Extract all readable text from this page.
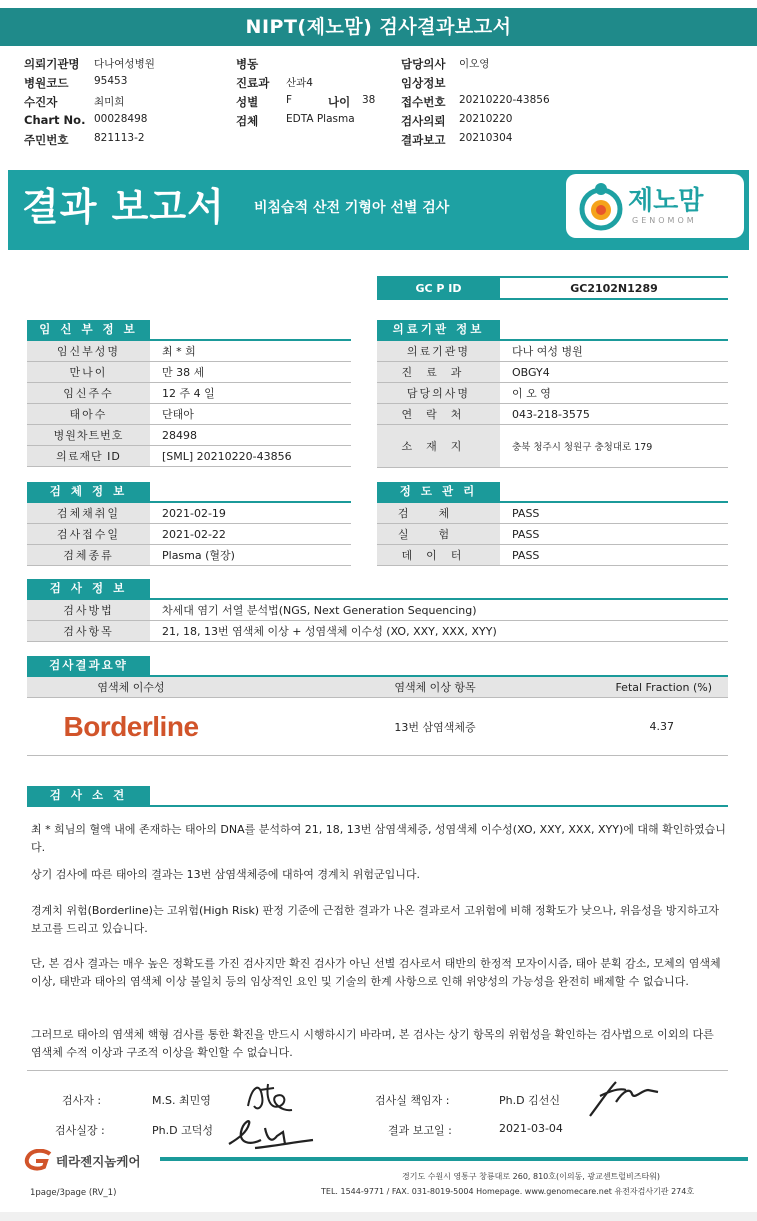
NIPT(제노맘) 검사결과보고서
의뢰기관명	다나여성병원
병원코드	95453
수진자	최미희
Chart No. 00028498
주민번호	821113-2
병동
진료과	산과4
성별	F	나이	38
검체	EDTA Plasma
담당의사	이오영
임상정보
접수번호	20210220-43856
검사의뢰	20210220
결과보고	20210304
결과 보고서 비침습적 산전 기형아 선별 검사	제노맘
GENOMOM
GC P ID	GC2102N1289
임 신 부 정 보
임신부성명	최 * 희
만나이	만 38 세
임신주수	12 주 4 일
태아수	단태아
병원차트번호	28498
의료재단 ID	[SML] 20210220-43856
의료기관 정보
의료기관명	다나 여성 병원
진료과	OBGY4
담당의사명	이 오 영
연락처	043-218-3575
소재지	충북 청주시 청원구 충청대로 179
검 체 정 보
검체채취일	2021-02-19
검사접수일	2021-02-22
검체종류	Plasma (혈장)
정 도 관 리
검체	PASS
실험	PASS
데이터	PASS
검 사 정 보
검사방법	차세대 염기 서열 분석법(NGS, Next Generation Sequencing)
검사항목	21, 18, 13번 염색체 이상 + 성염색체 이수성 (XO, XXY, XXX, XYY)
검사결과요약
염색체 이수성	염색체 이상 항목	Fetal Fraction (%)
Borderline	13번 삼염색체증	4.37
검 사 소 견
최 * 희님의 혈액 내에 존재하는 태아의 DNA를 분석하여 21, 18, 13번 삼염색체증, 성염색체 이수성(XO, XXY, XXX, XYY)에 대해 확인하였습니다.
상기 검사에 따른 태아의 결과는 13번 삼염색체증에 대하여 경계치 위험군입니다.
경계치 위험(Borderline)는 고위험(High Risk) 판정 기준에 근접한 결과가 나온 결과로서 고위험에 비해 정확도가 낮으나, 위음성을 방지하고자 보고를 드리고 있습니다.
단, 본 검사 결과는 매우 높은 정확도를 가진 검사지만 확진 검사가 아닌 선별 검사로서 태반의 한정적 모자이시즘, 태아 분획 감소, 모체의 염색체 이상, 태반과 태아의 염색체 이상 불일치 등의 임상적인 요인 및 기술의 한계 사항으로 인해 위양성의 가능성을 완전히 배제할 수 없습니다.
그러므로 태아의 염색체 핵형 검사를 통한 확진을 반드시 시행하시기 바라며, 본 검사는 상기 항목의 위험성을 확인하는 검사법으로 이외의 다른 염색체 수적 이상과 구조적 이상을 확인할 수 없습니다.
검사자 :	M.S. 최민영	검사실 책임자 :	Ph.D 김선신
검사실장 :	Ph.D 고덕성	결과 보고일 :	2021-03-04
테라젠지놈케어
경기도 수원시 영통구 창룡대로 260, 810호(이의동, 광교센트럴비즈타워)
TEL. 1544-9771 / FAX. 031-8019-5004 Homepage. www.genomecare.net 유전자검사기관 274호
1page/3page (RV_1)
